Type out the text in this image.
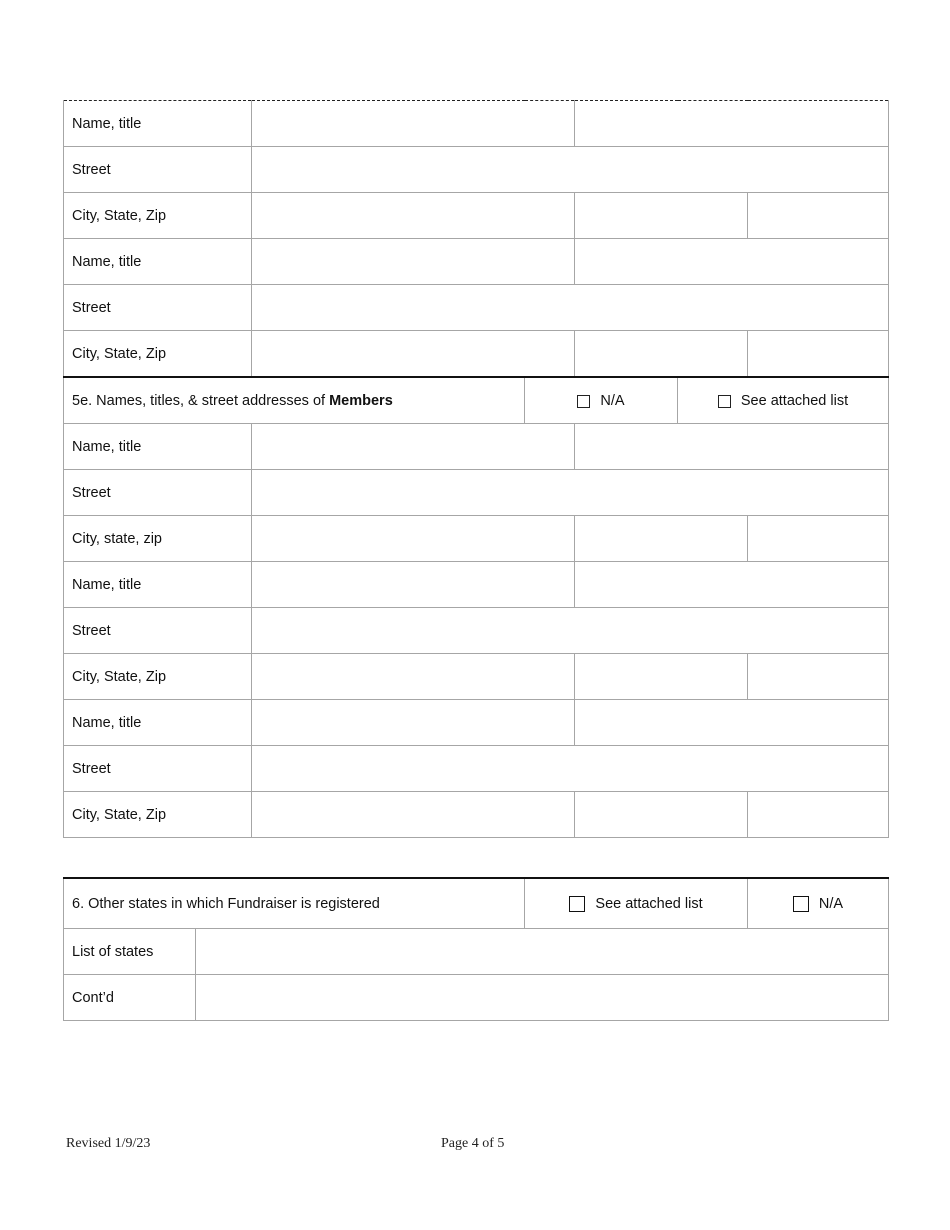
Name, title					
Street					
City, State, Zip					
Name, title					
Street					
City, State, Zip					
5e. Names, titles, & street addresses of Members		N/A		See attached list	
Name, title					
Street					
City, state, zip					
Name, title					
Street					
City, State, Zip					
Name, title					
Street					
City, State, Zip					
6. Other states in which Fundraiser is registered		See attached list	N/A
List of states			
Cont’d			
Revised 1/9/23	Page 4 of 5
